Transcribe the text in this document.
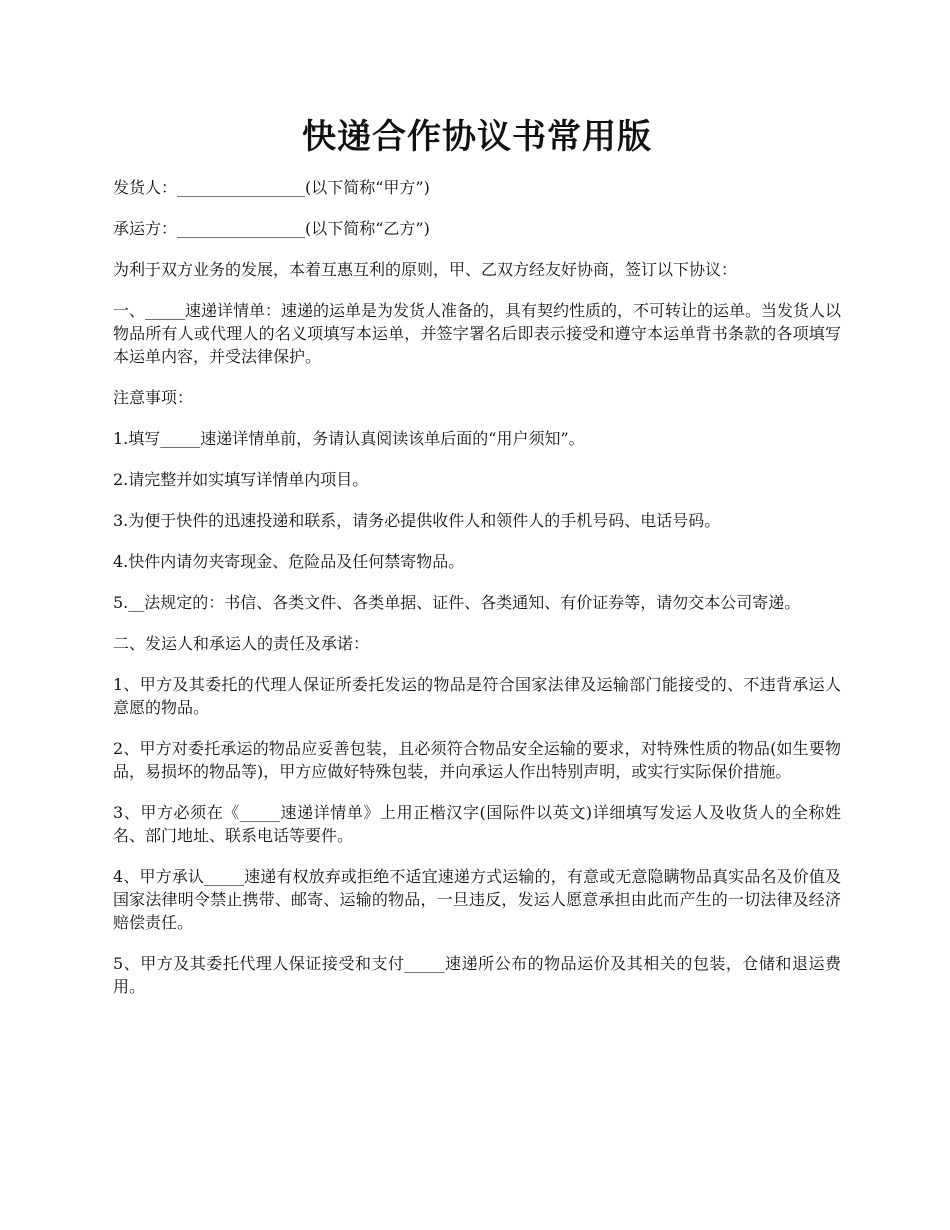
快递合作协议书常用版

发货人：________________(以下简称“甲方”)

承运方：________________(以下简称“乙方”)

为利于双方业务的发展，本着互惠互利的原则，甲、乙双方经友好协商，签订以下协议：

一、_____速递详情单：速递的运单是为发货人准备的，具有契约性质的，不可转让的运单。当发货人以物品所有人或代理人的名义项填写本运单，并签字署名后即表示接受和遵守本运单背书条款的各项填写本运单内容，并受法律保护。

注意事项：

1.填写_____速递详情单前，务请认真阅读该单后面的“用户须知”。

2.请完整并如实填写详情单内项目。

3.为便于快件的迅速投递和联系，请务必提供收件人和领件人的手机号码、电话号码。

4.快件内请勿夹寄现金、危险品及任何禁寄物品。

5.__法规定的：书信、各类文件、各类单据、证件、各类通知、有价证券等，请勿交本公司寄递。

二、发运人和承运人的责任及承诺：

1、甲方及其委托的代理人保证所委托发运的物品是符合国家法律及运输部门能接受的、不违背承运人意愿的物品。

2、甲方对委托承运的物品应妥善包装，且必须符合物品安全运输的要求，对特殊性质的物品(如生要物品，易损坏的物品等)，甲方应做好特殊包装，并向承运人作出特别声明，或实行实际保价措施。

3、甲方必须在《_____速递详情单》上用正楷汉字(国际件以英文)详细填写发运人及收货人的全称姓名、部门地址、联系电话等要件。

4、甲方承认_____速递有权放弃或拒绝不适宜速递方式运输的，有意或无意隐瞒物品真实品名及价值及国家法律明令禁止携带、邮寄、运输的物品，一旦违反，发运人愿意承担由此而产生的一切法律及经济赔偿责任。

5、甲方及其委托代理人保证接受和支付_____速递所公布的物品运价及其相关的包装，仓储和退运费用。
